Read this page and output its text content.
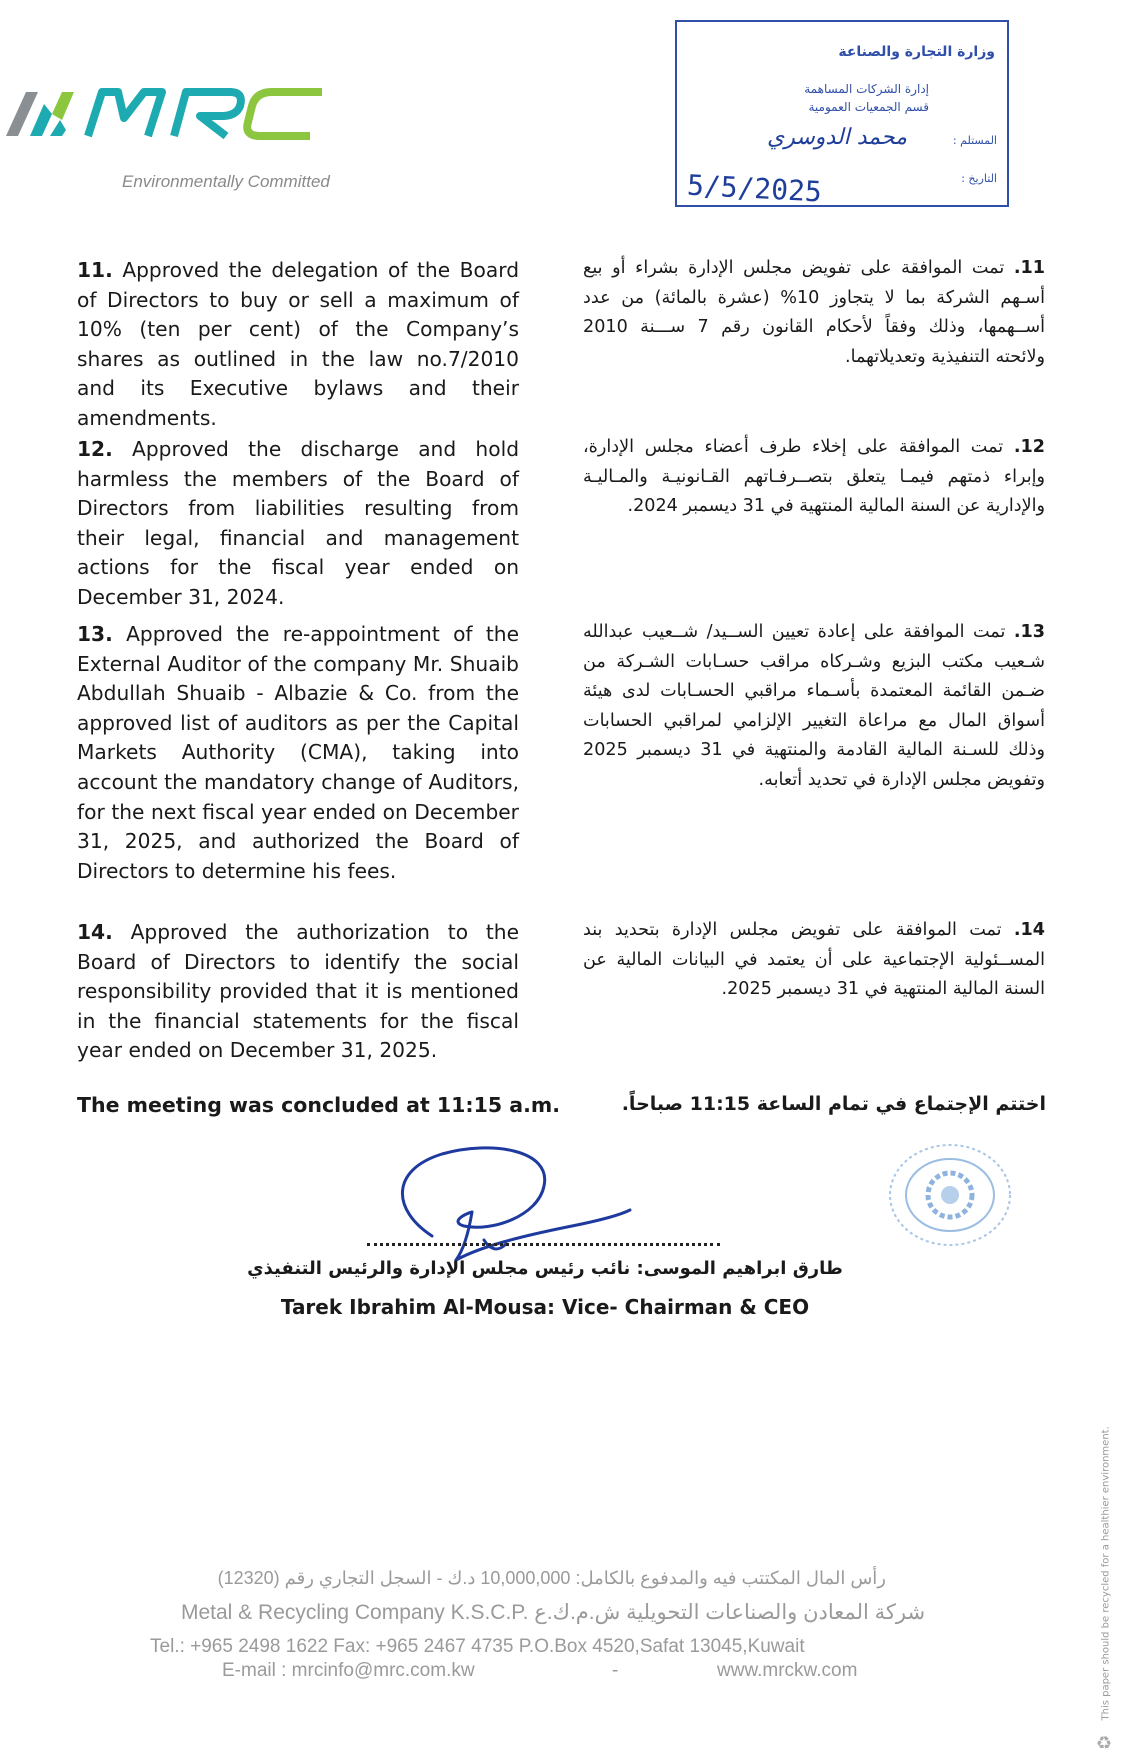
Environmentally Committed
وزارة التجارة والصناعة
إدارة الشركات المساهمة
قسم الجمعيات العمومية
المستلم :
محمد الدوسري
التاريخ :
5/5/2025
11. Approved the delegation of the Board of Directors to buy or sell a maximum of 10% (ten per cent) of the Company’s shares as outlined in the law no.7/2010 and its Executive bylaws and their amendments.
11. تمت الموافقة على تفويض مجلس الإدارة بشراء أو بيع أسـهم الشركة بما لا يتجاوز 10% (عشرة بالمائة) من عدد أســهمها، وذلك وفقاً لأحكام القانون رقم 7 ســـنة 2010 ولائحته التنفيذية وتعديلاتهما.
12. Approved the discharge and hold harmless the members of the Board of Directors from liabilities resulting from their legal, financial and management actions for the fiscal year ended on December 31, 2024.
12. تمت الموافقة على إخلاء طرف أعضاء مجلس الإدارة، وإبراء ذمتهم فيمـا يتعلق بتصــرفـاتهم القـانونيـة والمـاليـة والإدارية عن السنة المالية المنتهية في 31 ديسمبر 2024.
13. Approved the re-appointment of the External Auditor of the company Mr. Shuaib Abdullah Shuaib - Albazie & Co. from the approved list of auditors as per the Capital Markets Authority (CMA), taking into account the mandatory change of Auditors, for the next fiscal year ended on December 31, 2025, and authorized the Board of Directors to determine his fees.
13. تمت الموافقة على إعادة تعيين الســيد/ شــعيب عبدالله شـعيب مكتب البزيع وشـركاه مراقب حسـابات الشـركة من ضـمن القائمة المعتمدة بأسـماء مراقبي الحسـابات لدى هيئة أسواق المال مع مراعاة التغيير الإلزامي لمراقبي الحسابات وذلك للسـنة المالية القادمة والمنتهية في 31 ديسمبر 2025 وتفويض مجلس الإدارة في تحديد أتعابه.
14. Approved the authorization to the Board of Directors to identify the social responsibility provided that it is mentioned in the financial statements for the fiscal year ended on December 31, 2025.
14. تمت الموافقة على تفويض مجلس الإدارة بتحديد بند المســئولية الإجتماعية على أن يعتمد في البيانات المالية عن السنة المالية المنتهية في 31 ديسمبر 2025.
The meeting was concluded at 11:15 a.m.	اختتم الإجتماع في تمام الساعة 11:15 صباحاً.
طارق ابراهيم الموسى: نائب رئيس مجلس الإدارة والرئيس التنفيذي
Tarek Ibrahim Al-Mousa: Vice- Chairman & CEO
This paper should be recycled for a healthier environment.
♻
رأس المال المكتتب فيه والمدفوع بالكامل: 10,000,000 د.ك - السجل التجاري رقم (12320)
Metal & Recycling Company K.S.C.P. شركة المعادن والصناعات التحويلية ش.م.ك.ع
Tel.: +965 2498 1622 Fax: +965 2467 4735 P.O.Box 4520,Safat 13045,Kuwait
E-mail : mrcinfo@mrc.com.kw	-	www.mrckw.com
